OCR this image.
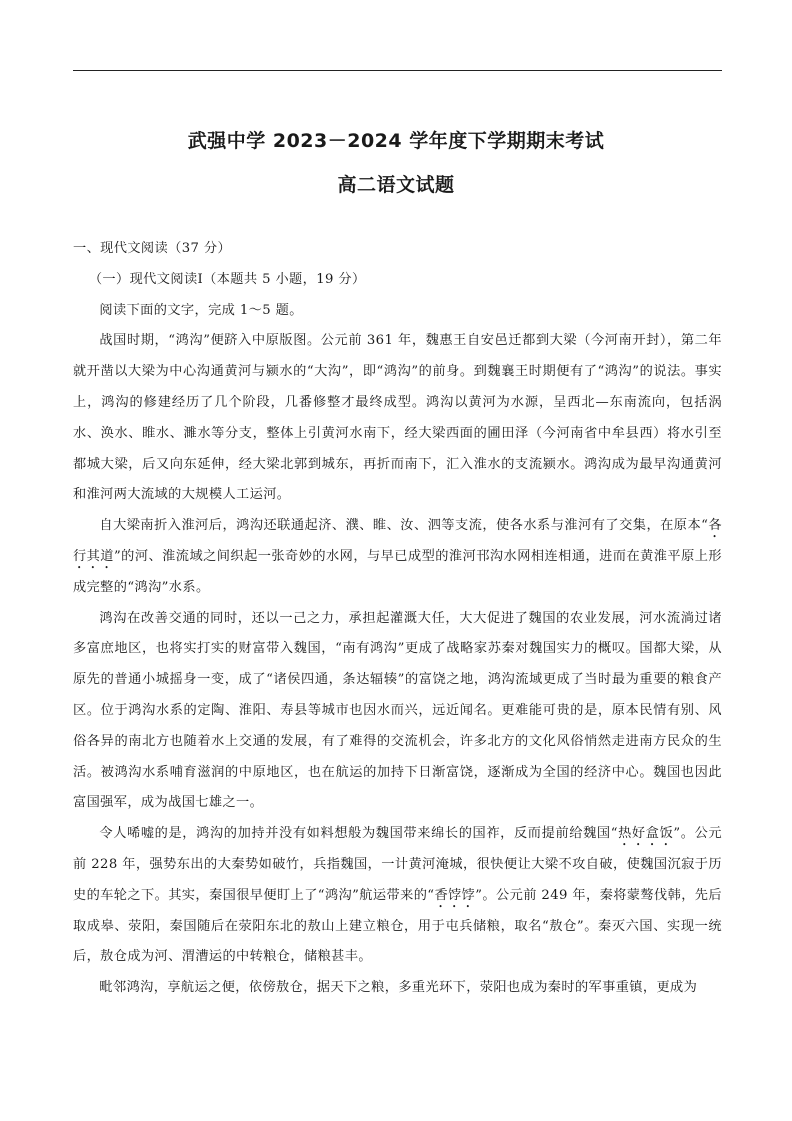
武强中学 2023－2024 学年度下学期期末考试
高二语文试题

一、现代文阅读（37 分）

（一）现代文阅读Ⅰ（本题共 5 小题，19 分）

阅读下面的文字，完成 1～5 题。

战国时期，“鸿沟”便跻入中原版图。公元前 361 年，魏惠王自安邑迁都到大梁（今河南开封），第二年就开凿以大梁为中心沟通黄河与颍水的“大沟”，即“鸿沟”的前身。到魏襄王时期便有了“鸿沟”的说法。事实上，鸿沟的修建经历了几个阶段，几番修整才最终成型。鸿沟以黄河为水源，呈西北—东南流向，包括涡水、涣水、睢水、濉水等分支，整体上引黄河水南下，经大梁西面的圃田泽（今河南省中牟县西）将水引至都城大梁，后又向东延伸，经大梁北郭到城东，再折而南下，汇入淮水的支流颍水。鸿沟成为最早沟通黄河和淮河两大流域的大规模人工运河。

自大梁南折入淮河后，鸿沟还联通起济、濮、睢、汝、泗等支流，使各水系与淮河有了交集，在原本“各行其道”的河、淮流域之间织起一张奇妙的水网，与早已成型的淮河邗沟水网相连相通，进而在黄淮平原上形成完整的“鸿沟”水系。

鸿沟在改善交通的同时，还以一己之力，承担起灌溉大任，大大促进了魏国的农业发展，河水流淌过诸多富庶地区，也将实打实的财富带入魏国，“南有鸿沟”更成了战略家苏秦对魏国实力的概叹。国都大梁，从原先的普通小城摇身一变，成了“诸侯四通，条达辐辏”的富饶之地，鸿沟流域更成了当时最为重要的粮食产区。位于鸿沟水系的定陶、淮阳、寿县等城市也因水而兴，远近闻名。更难能可贵的是，原本民情有别、风俗各异的南北方也随着水上交通的发展，有了难得的交流机会，许多北方的文化风俗悄然走进南方民众的生活。被鸿沟水系哺育滋润的中原地区，也在航运的加持下日渐富饶，逐渐成为全国的经济中心。魏国也因此富国强军，成为战国七雄之一。

令人唏嘘的是，鸿沟的加持并没有如料想般为魏国带来绵长的国祚，反而提前给魏国“热好盒饭”。公元前 228 年，强势东出的大秦势如破竹，兵指魏国，一计黄河淹城，很快便让大梁不攻自破，使魏国沉寂于历史的车轮之下。其实，秦国很早便盯上了“鸿沟”航运带来的“香饽饽”。公元前 249 年，秦将蒙骜伐韩，先后取成皋、荥阳，秦国随后在荥阳东北的敖山上建立粮仓，用于屯兵储粮，取名“敖仓”。秦灭六国、实现一统后，敖仓成为河、渭漕运的中转粮仓，储粮甚丰。

毗邻鸿沟，享航运之便，依傍敖仓，据天下之粮，多重光环下，荥阳也成为秦时的军事重镇，更成为
